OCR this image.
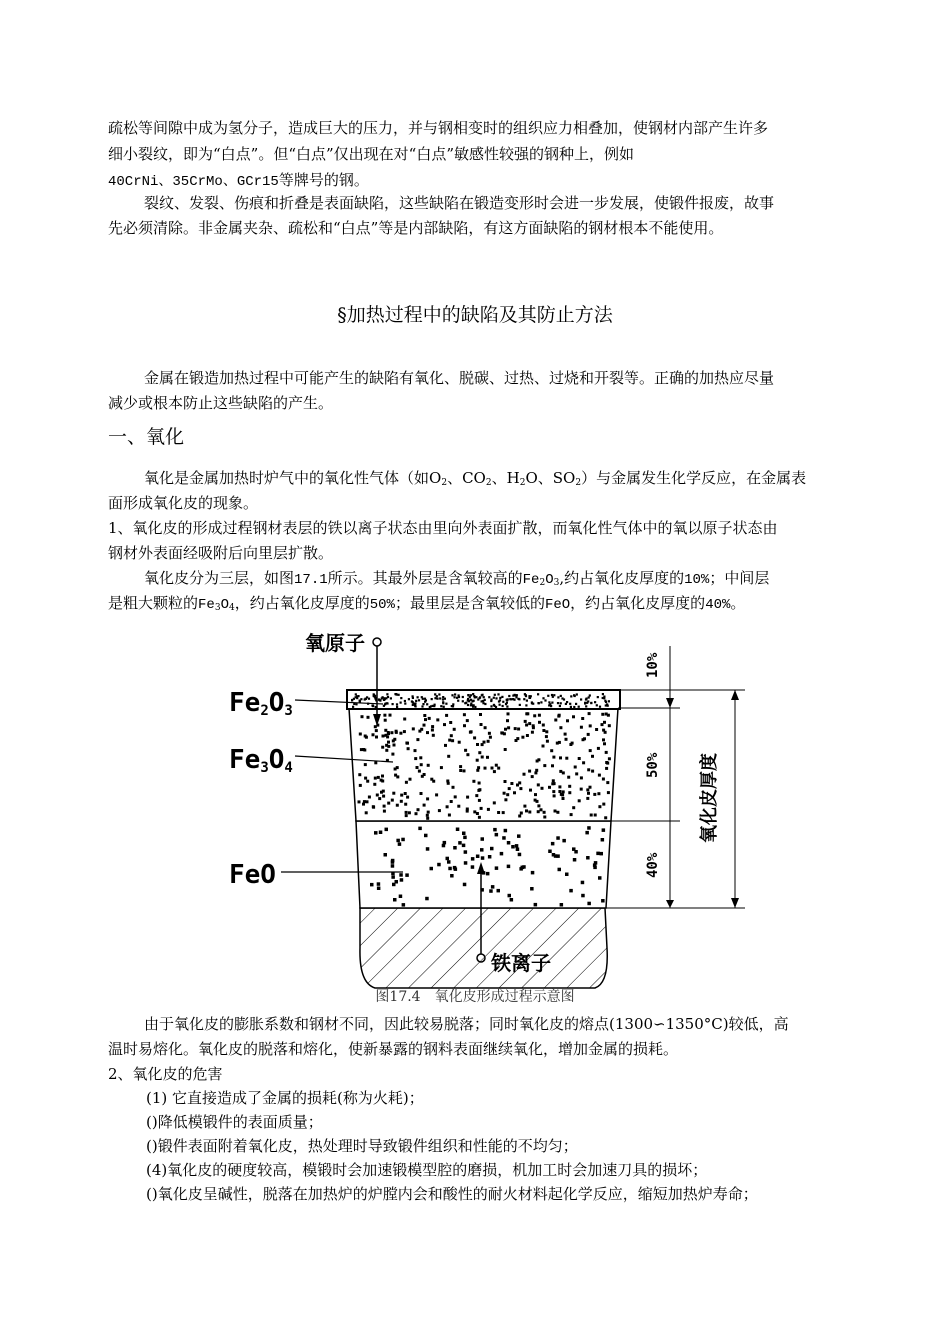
疏松等间隙中成为氢分子，造成巨大的压力，并与钢相变时的组织应力相叠加，使钢材内部产生许多

细小裂纹，即为“白点”。但“白点”仅出现在对“白点”敏感性较强的钢种上，例如

40CrNi、35CrMo、GCr15等牌号的钢。

裂纹、发裂、伤痕和折叠是表面缺陷，这些缺陷在锻造变形时会进一步发展，使锻件报废，故事

先必须清除。非金属夹杂、疏松和“白点”等是内部缺陷，有这方面缺陷的钢材根本不能使用。

§加热过程中的缺陷及其防止方法

金属在锻造加热过程中可能产生的缺陷有氧化、脱碳、过热、过烧和开裂等。正确的加热应尽量

减少或根本防止这些缺陷的产生。

一、氧化

氧化是金属加热时炉气中的氧化性气体（如$O_2$、$CO_2$、$H_2O$、$SO_2$）与金属发生化学反应，在金属表

面形成氧化皮的现象。

1、氧化皮的形成过程钢材表层的铁以离子状态由里向外表面扩散，而氧化性气体中的氧以原子状态由

钢材外表面经吸附后向里层扩散。

氧化皮分为三层，如图17.1所示。其最外层是含氧较高的$Fe_2O_3$,约占氧化皮厚度的10%；中间层

是粗大颗粒的$Fe_3O_4$，约占氧化皮厚度的50%；最里层是含氧较低的FeO，约占氧化皮厚度的40%。

氧原子
铁离子
Fe2O3
Fe3O4
FeO
10%
50%
40%
氧化皮厚度
图17.4　氧化皮形成过程示意图

由于氧化皮的膨胀系数和钢材不同，因此较易脱落；同时氧化皮的熔点(1300∽1350°C)较低，高

温时易熔化。氧化皮的脱落和熔化，使新暴露的钢料表面继续氧化，增加金属的损耗。

2、氧化皮的危害

(1) 它直接造成了金属的损耗(称为火耗)；

()降低模锻件的表面质量；

()锻件表面附着氧化皮，热处理时导致锻件组织和性能的不均匀；

(4)氧化皮的硬度较高，模锻时会加速锻模型腔的磨损，机加工时会加速刀具的损坏；

()氧化皮呈碱性，脱落在加热炉的炉膛内会和酸性的耐火材料起化学反应，缩短加热炉寿命；
